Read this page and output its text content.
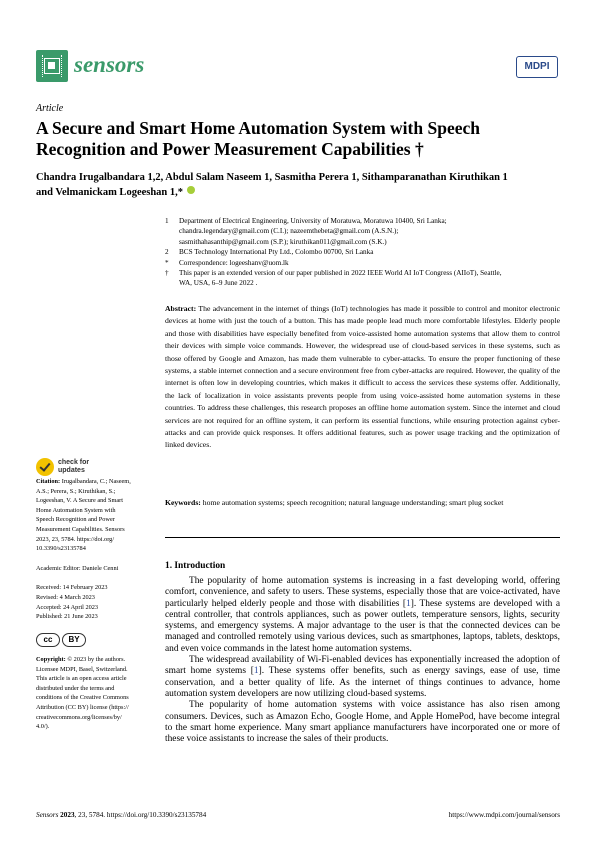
sensors	MDPI
Article
A Secure and Smart Home Automation System with Speech Recognition and Power Measurement Capabilities †
Chandra Irugalbandara 1,2, Abdul Salam Naseem 1, Sasmitha Perera 1, Sithamparanathan Kiruthikan 1
and Velmanickam Logeeshan 1,*
1	Department of Electrical Engineering, University of Moratuwa, Moratuwa 10400, Sri Lanka;
chandra.legendary@gmail.com (C.I.); nazeemthebeta@gmail.com (A.S.N.);
sasmithahasanthip@gmail.com (S.P.); kiruthikan011@gmail.com (S.K.)
2	BCS Technology International Pty Ltd., Colombo 00700, Sri Lanka
*	Correspondence: logeeshanv@uom.lk
†	This paper is an extended version of our paper published in 2022 IEEE World AI IoT Congress (AIIoT), Seattle,
WA, USA, 6–9 June 2022 .
Abstract: The advancement in the internet of things (IoT) technologies has made it possible to control and monitor electronic devices at home with just the touch of a button. This has made people lead much more comfortable lifestyles. Elderly people and those with disabilities have especially benefited from voice-assisted home automation systems that allow them to control their devices with simple voice commands. However, the widespread use of cloud-based services in these systems, such as those offered by Google and Amazon, has made them vulnerable to cyber-attacks. To ensure the proper functioning of these systems, a stable internet connection and a secure environment free from cyber-attacks are required. However, the quality of the internet is often low in developing countries, which makes it difficult to access the services these systems offer. Additionally, the lack of localization in voice assistants prevents people from using voice-assisted home automation systems in these countries. To address these challenges, this research proposes an offline home automation system. Since the internet and cloud services are not required for an offline system, it can perform its essential functions, while ensuring protection against cyber-attacks and can provide quick responses. It offers additional features, such as power usage tracking and the optimization of linked devices.
Keywords: home automation systems; speech recognition; natural language understanding; smart plug socket
check for
updates
Citation: Irugalbandara, C.; Naseem,
A.S.; Perera, S.; Kiruthikan, S.;
Logeeshan, V. A Secure and Smart
Home Automation System with
Speech Recognition and Power
Measurement Capabilities. Sensors
2023, 23, 5784. https://doi.org/
10.3390/s23135784
Academic Editor: Daniele Cenni
Received: 14 February 2023
Revised: 4 March 2023
Accepted: 24 April 2023
Published: 21 June 2023
cc	BY
Copyright: © 2023 by the authors.
Licensee MDPI, Basel, Switzerland.
This article is an open access article
distributed under the terms and
conditions of the Creative Commons
Attribution (CC BY) license (https://
creativecommons.org/licenses/by/
4.0/).
1. Introduction

The popularity of home automation systems is increasing in a fast developing world, offering comfort, convenience, and safety to users. These systems, especially those that are voice-activated, have particularly helped elderly people and those with disabilities [1]. These systems are developed with a central controller, that controls appliances, such as power outlets, temperature sensors, lights, security systems, and emergency systems. A major advantage to the user is that the connected devices can be managed and controlled remotely using various devices, such as smartphones, laptops, tablets, desktops, and even voice commands in the latest home automation systems.

The widespread availability of Wi-Fi-enabled devices has exponentially increased the adoption of smart home systems [1]. These systems offer benefits, such as energy savings, ease of use, time conservation, and a better quality of life. As the internet of things continues to advance, home automation system developers are now utilizing cloud-based systems.

The popularity of home automation systems with voice assistance has also risen among consumers. Devices, such as Amazon Echo, Google Home, and Apple HomePod, have become integral to the smart home experience. Many smart appliance manufacturers have incorporated one or more of these voice assistants to increase the sales of their products.

Sensors 2023, 23, 5784. https://doi.org/10.3390/s23135784	https://www.mdpi.com/journal/sensors
